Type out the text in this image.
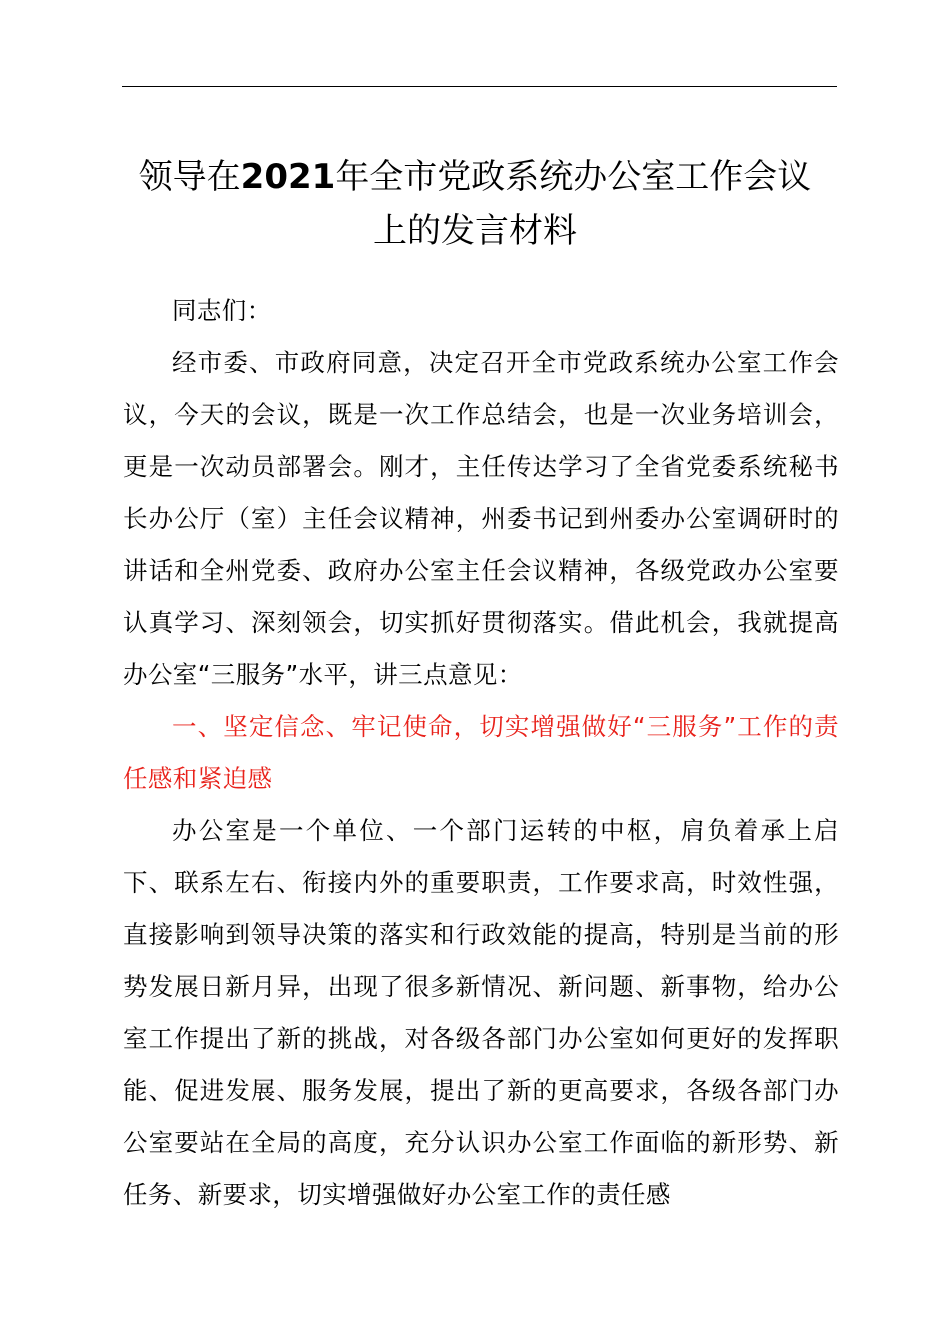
领导在2021年全市党政系统办公室工作会议
上的发言材料

同志们：

经市委、市政府同意，决定召开全市党政系统办公室工作会议，今天的会议，既是一次工作总结会，也是一次业务培训会，更是一次动员部署会。刚才，主任传达学习了全省党委系统秘书长办公厅（室）主任会议精神，州委书记到州委办公室调研时的讲话和全州党委、政府办公室主任会议精神，各级党政办公室要认真学习、深刻领会，切实抓好贯彻落实。借此机会，我就提高办公室“三服务”水平，讲三点意见：

一、坚定信念、牢记使命，切实增强做好“三服务”工作的责任感和紧迫感

办公室是一个单位、一个部门运转的中枢，肩负着承上启下、联系左右、衔接内外的重要职责，工作要求高，时效性强，直接影响到领导决策的落实和行政效能的提高，特别是当前的形势发展日新月异，出现了很多新情况、新问题、新事物，给办公室工作提出了新的挑战，对各级各部门办公室如何更好的发挥职能、促进发展、服务发展，提出了新的更高要求，各级各部门办公室要站在全局的高度，充分认识办公室工作面临的新形势、新任务、新要求，切实增强做好办公室工作的责任感
